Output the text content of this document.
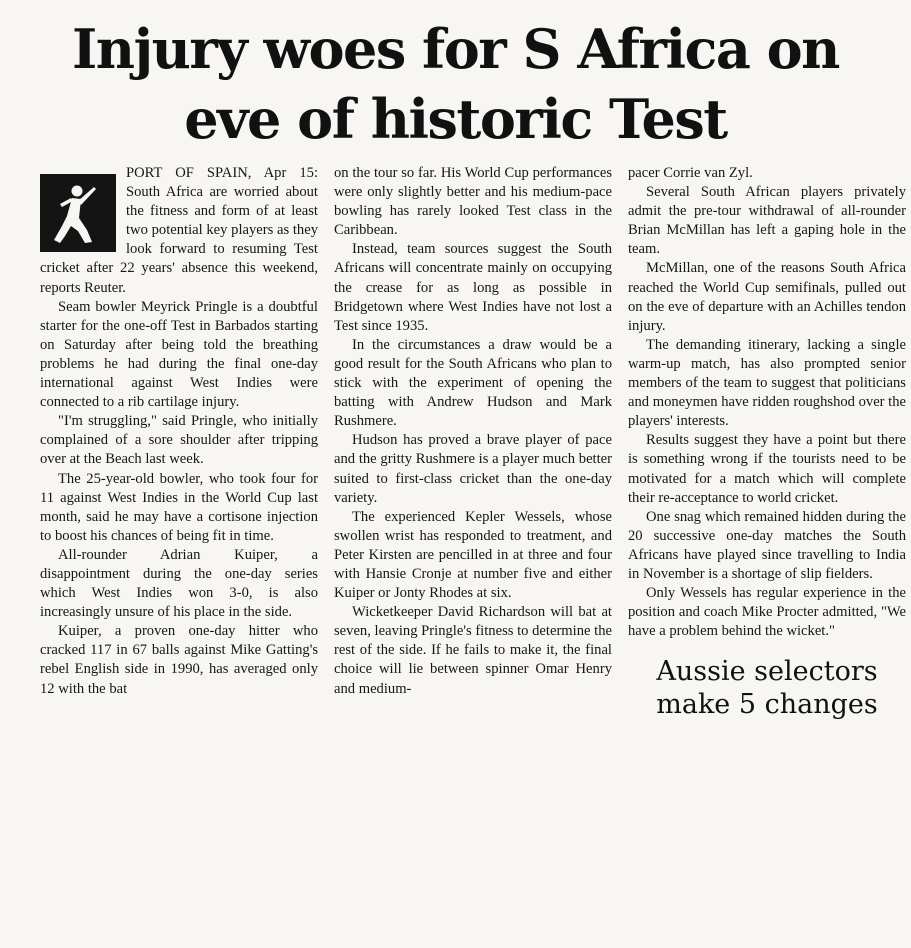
Injury woes for S Africa on
eve of historic Test

PORT OF SPAIN, Apr 15: South Africa are worried about the fitness and form of at least two potential key players as they look forward to resuming Test cricket after 22 years' absence this weekend, reports Reuter.

Seam bowler Meyrick Pringle is a doubtful starter for the one-off Test in Barbados starting on Saturday after being told the breathing problems he had during the final one-day international against West Indies were connected to a rib cartilage injury.

"I'm struggling," said Pringle, who initially complained of a sore shoulder after tripping over at the Beach last week.

The 25-year-old bowler, who took four for 11 against West Indies in the World Cup last month, said he may have a cortisone injection to boost his chances of being fit in time.

All-rounder Adrian Kuiper, a disappointment during the one-day series which West Indies won 3-0, is also increasingly unsure of his place in the side.

Kuiper, a proven one-day hitter who cracked 117 in 67 balls against Mike Gatting's rebel English side in 1990, has averaged only 12 with the bat

on the tour so far. His World Cup performances were only slightly better and his medium-pace bowling has rarely looked Test class in the Caribbean.

Instead, team sources suggest the South Africans will concentrate mainly on occupying the crease for as long as possible in Bridgetown where West Indies have not lost a Test since 1935.

In the circumstances a draw would be a good result for the South Africans who plan to stick with the experiment of opening the batting with Andrew Hudson and Mark Rushmere.

Hudson has proved a brave player of pace and the gritty Rushmere is a player much better suited to first-class cricket than the one-day variety.

The experienced Kepler Wessels, whose swollen wrist has responded to treatment, and Peter Kirsten are pencilled in at three and four with Hansie Cronje at number five and either Kuiper or Jonty Rhodes at six.

Wicketkeeper David Richardson will bat at seven, leaving Pringle's fitness to determine the rest of the side. If he fails to make it, the final choice will lie between spinner Omar Henry and medium-

pacer Corrie van Zyl.

Several South African players privately admit the pre-tour withdrawal of all-rounder Brian McMillan has left a gaping hole in the team.

McMillan, one of the reasons South Africa reached the World Cup semifinals, pulled out on the eve of departure with an Achilles tendon injury.

The demanding itinerary, lacking a single warm-up match, has also prompted senior members of the team to suggest that politicians and moneymen have ridden roughshod over the players' interests.

Results suggest they have a point but there is something wrong if the tourists need to be motivated for a match which will complete their re-acceptance to world cricket.

One snag which remained hidden during the 20 successive one-day matches the South Africans have played since travelling to India in November is a shortage of slip fielders.

Only Wessels has regular experience in the position and coach Mike Procter admitted, "We have a problem behind the wicket."

Aussie selectors
make 5 changes
